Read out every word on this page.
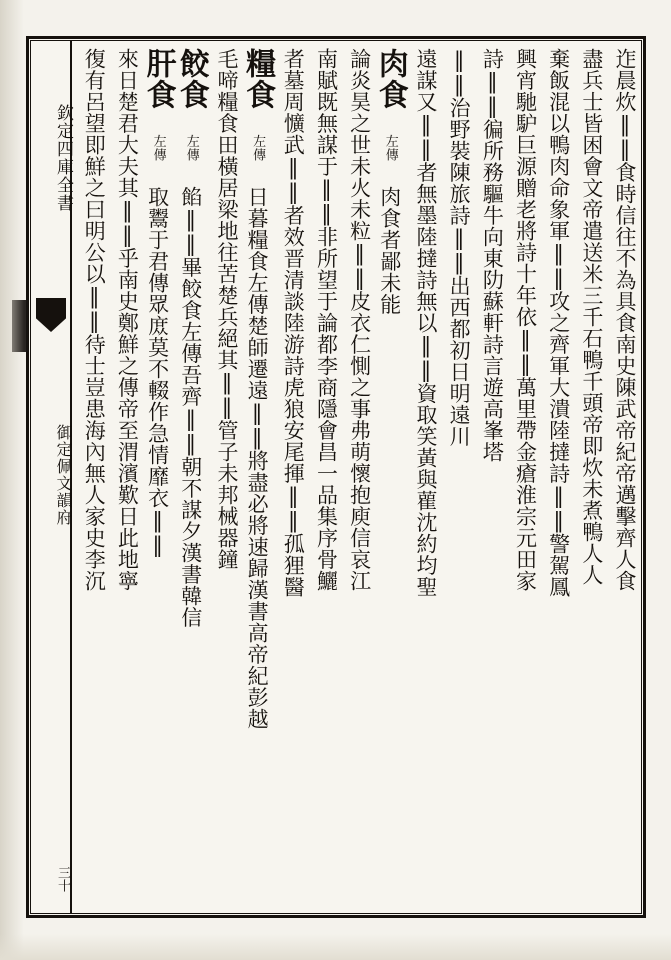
欽定四庫全書
御定佩文韻府
三十
迮晨炊‖‖食時信往不為具食南史陳武帝紀帝邁擊齊人食
盡兵士皆困會文帝遣送米三千石鴨千頭帝即炊未煮鴨人人
棄飯混以鴨肉命象軍‖‖攻之齊軍大潰陸撻詩‖‖警駕鳳
興宵馳馿巨源贈老將詩十年依‖‖萬里帶金瘡淮宗元田家
詩‖‖徧所務驅牛向東阞蘇軒詩言遊高峯塔
‖‖治野裝陳旅詩‖‖出西都初日明遠川
遠謀又‖‖者無墨陸撻詩無以‖‖資取笑黃與雚沈約均聖
肉食 左傳 肉食者鄙未能
論炎昊之世未火未粒‖‖皮衣仁惻之事弗萌懷抱庾信哀江
南賦既無謀于‖‖非所望于論都李商隱會昌一品集序骨鱺
者墓周懭武‖‖者效晋清談陸游詩虎狼安尾揮‖‖孤狸醫
糧食 左傳 日暮糧食左傳楚師遷遠‖‖將盡必將速歸漢書高帝紀彭越
毛啼糧食田橫居梁地往苦楚兵絕其‖‖管子未邦械器鐘
餃食 左傳 餡‖‖畢餃食左傳吾齊‖‖朝不謀夕漢書韓信
肝食 左傳 取鬻于君傳眾庻莫不輟作急情靡衣‖‖
來日楚君大夫其‖‖乎南史鄭鮮之傳帝至渭濱歎日此地寧
復有呂望即鮮之曰明公以‖‖待士豈患海內無人家史李沉
